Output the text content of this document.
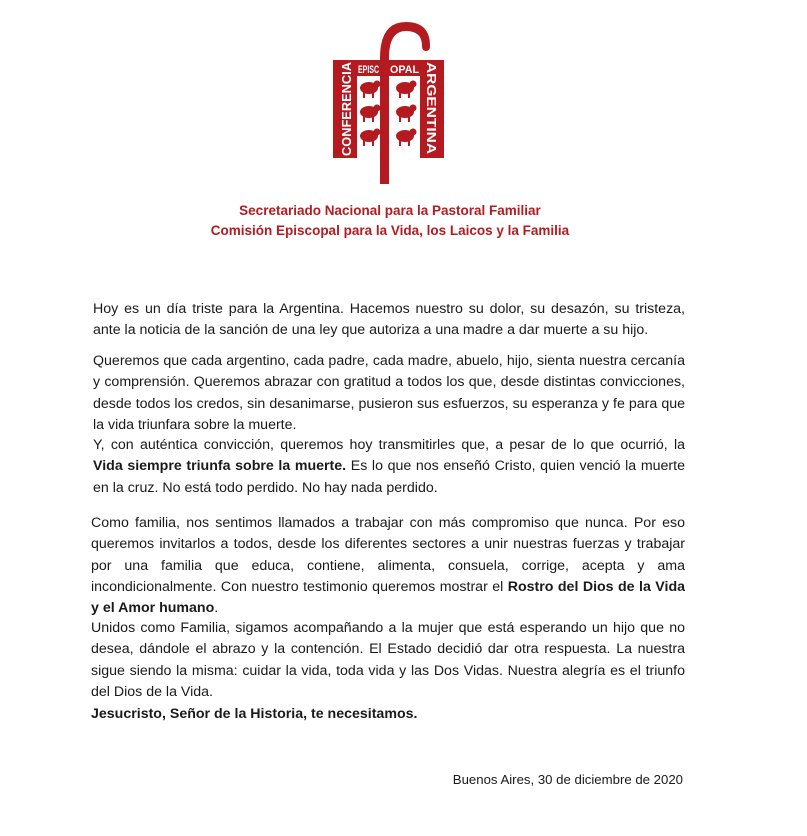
CONFERENCIA EPISC OPAL ARGENTINA
Secretariado Nacional para la Pastoral Familiar
Comisión Episcopal para la Vida, los Laicos y la Familia

Hoy es un día triste para la Argentina. Hacemos nuestro su dolor, su desazón, su tristeza, ante la noticia de la sanción de una ley que autoriza a una madre a dar muerte a su hijo.

Queremos que cada argentino, cada padre, cada madre, abuelo, hijo, sienta nuestra cercanía y comprensión. Queremos abrazar con gratitud a todos los que, desde distintas convicciones, desde todos los credos, sin desanimarse, pusieron sus esfuerzos, su esperanza y fe para que la vida triunfara sobre la muerte.

Y, con auténtica convicción, queremos hoy transmitirles que, a pesar de lo que ocurrió, la Vida siempre triunfa sobre la muerte. Es lo que nos enseñó Cristo, quien venció la muerte en la cruz. No está todo perdido. No hay nada perdido.

Como familia, nos sentimos llamados a trabajar con más compromiso que nunca. Por eso queremos invitarlos a todos, desde los diferentes sectores a unir nuestras fuerzas y trabajar por una familia que educa, contiene, alimenta, consuela, corrige, acepta y ama incondicionalmente. Con nuestro testimonio queremos mostrar el Rostro del Dios de la Vida y el Amor humano.

Unidos como Familia, sigamos acompañando a la mujer que está esperando un hijo que no desea, dándole el abrazo y la contención. El Estado decidió dar otra respuesta. La nuestra sigue siendo la misma: cuidar la vida, toda vida y las Dos Vidas. Nuestra alegría es el triunfo del Dios de la Vida.

Jesucristo, Señor de la Historia, te necesitamos.
Buenos Aires, 30 de diciembre de 2020
